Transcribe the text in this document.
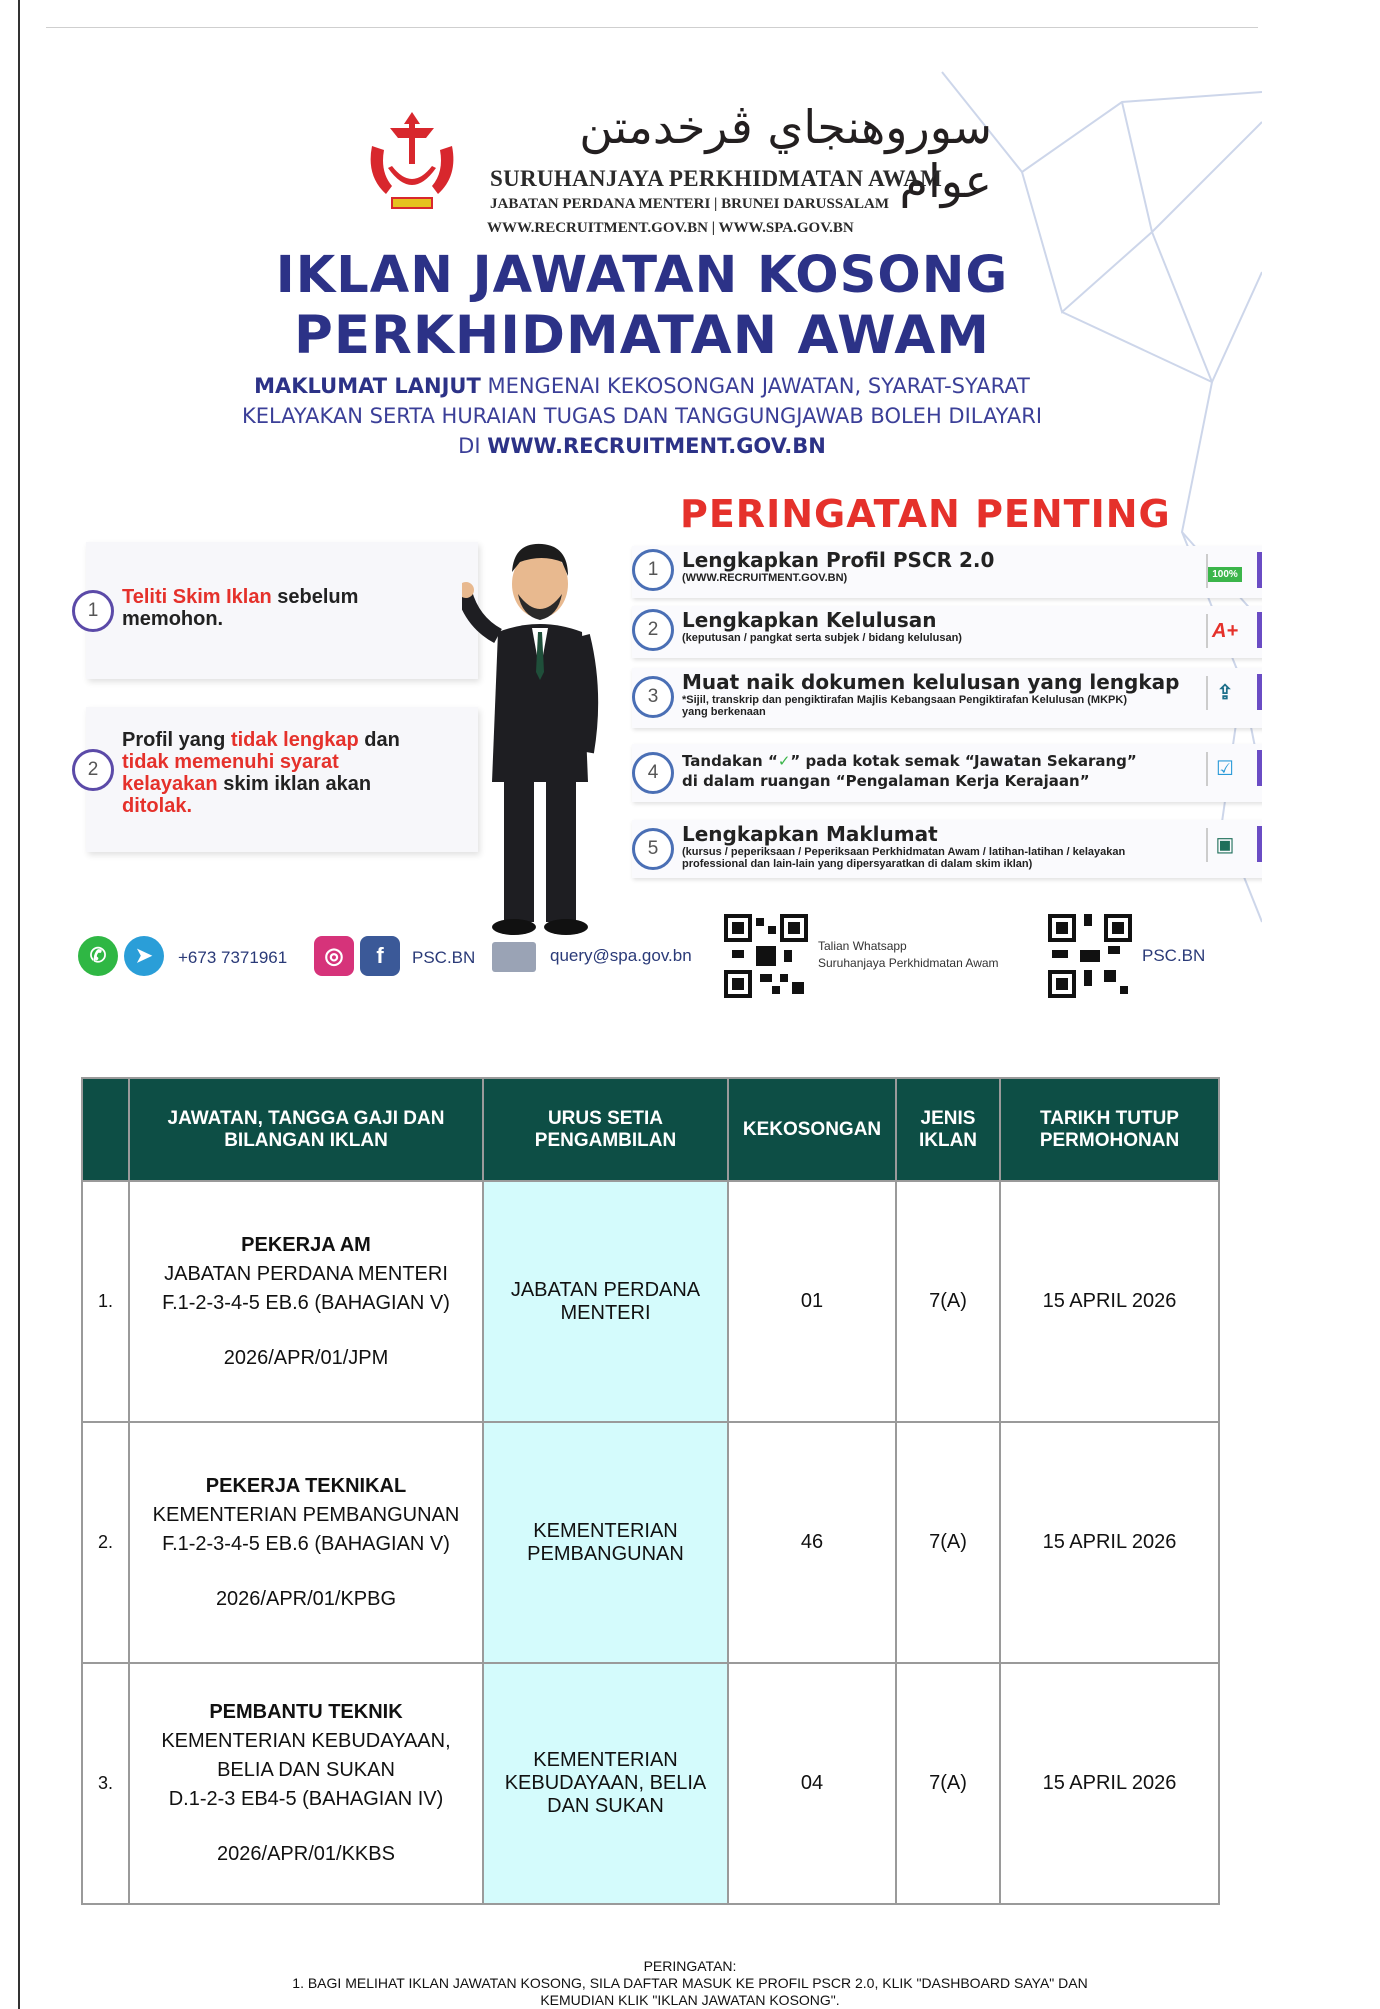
سوروهنجاي ڤرخدمتن عوام
SURUHANJAYA PERKHIDMATAN AWAM
JABATAN PERDANA MENTERI | BRUNEI DARUSSALAM
WWW.RECRUITMENT.GOV.BN | WWW.SPA.GOV.BN
IKLAN JAWATAN KOSONG
PERKHIDMATAN AWAM
MAKLUMAT LANJUT MENGENAI KEKOSONGAN JAWATAN, SYARAT-SYARAT
KELAYAKAN SERTA HURAIAN TUGAS DAN TANGGUNGJAWAB BOLEH DILAYARI
DI WWW.RECRUITMENT.GOV.BN
PERINGATAN PENTING
1
Teliti Skim Iklan sebelum memohon.
2
Profil yang tidak lengkap dan tidak memenuhi syarat kelayakan skim iklan akan ditolak.
1	Lengkapkan Profil PSCR 2.0
(WWW.RECRUITMENT.GOV.BN)	100%
2	Lengkapkan Kelulusan
(keputusan / pangkat serta subjek / bidang kelulusan)	A+
3
Muat naik dokumen kelulusan yang lengkap
*Sijil, transkrip dan pengiktirafan Majlis Kebangsaan Pengiktirafan Kelulusan (MKPK) yang berkenaan
⇪
4
Tandakan “✓” pada kotak semak “Jawatan Sekarang”
di dalam ruangan “Pengalaman Kerja Kerajaan”
☑
5
Lengkapkan Maklumat
(kursus / peperiksaan / Peperiksaan Perkhidmatan Awam / latihan-latihan / kelayakan professional dan lain-lain yang dipersyaratkan di dalam skim iklan)
▣
✆	➤	+673 7371961	◎	f	PSC.BN	query@spa.gov.bn	Talian Whatsapp
Suruhanjaya Perkhidmatan Awam	PSC.BN
	JAWATAN, TANGGA GAJI DAN BILANGAN IKLAN	URUS SETIA PENGAMBILAN	KEKOSONGAN	JENIS IKLAN	TARIKH TUTUP PERMOHONAN
1.	PEKERJA AM
JABATAN PERDANA MENTERI
F.1-2-3-4-5 EB.6 (BAHAGIAN V)
2026/APR/01/JPM	JABATAN PERDANA MENTERI	01	7(A)	15 APRIL 2026
2.	PEKERJA TEKNIKAL
KEMENTERIAN PEMBANGUNAN
F.1-2-3-4-5 EB.6 (BAHAGIAN V)
2026/APR/01/KPBG	KEMENTERIAN PEMBANGUNAN	46	7(A)	15 APRIL 2026
3.	PEMBANTU TEKNIK
KEMENTERIAN KEBUDAYAAN, BELIA DAN SUKAN
D.1-2-3 EB4-5 (BAHAGIAN IV)
2026/APR/01/KKBS	KEMENTERIAN KEBUDAYAAN, BELIA DAN SUKAN	04	7(A)	15 APRIL 2026
PERINGATAN:
1. BAGI MELIHAT IKLAN JAWATAN KOSONG, SILA DAFTAR MASUK KE PROFIL PSCR 2.0, KLIK "DASHBOARD SAYA" DAN
KEMUDIAN KLIK "IKLAN JAWATAN KOSONG".
